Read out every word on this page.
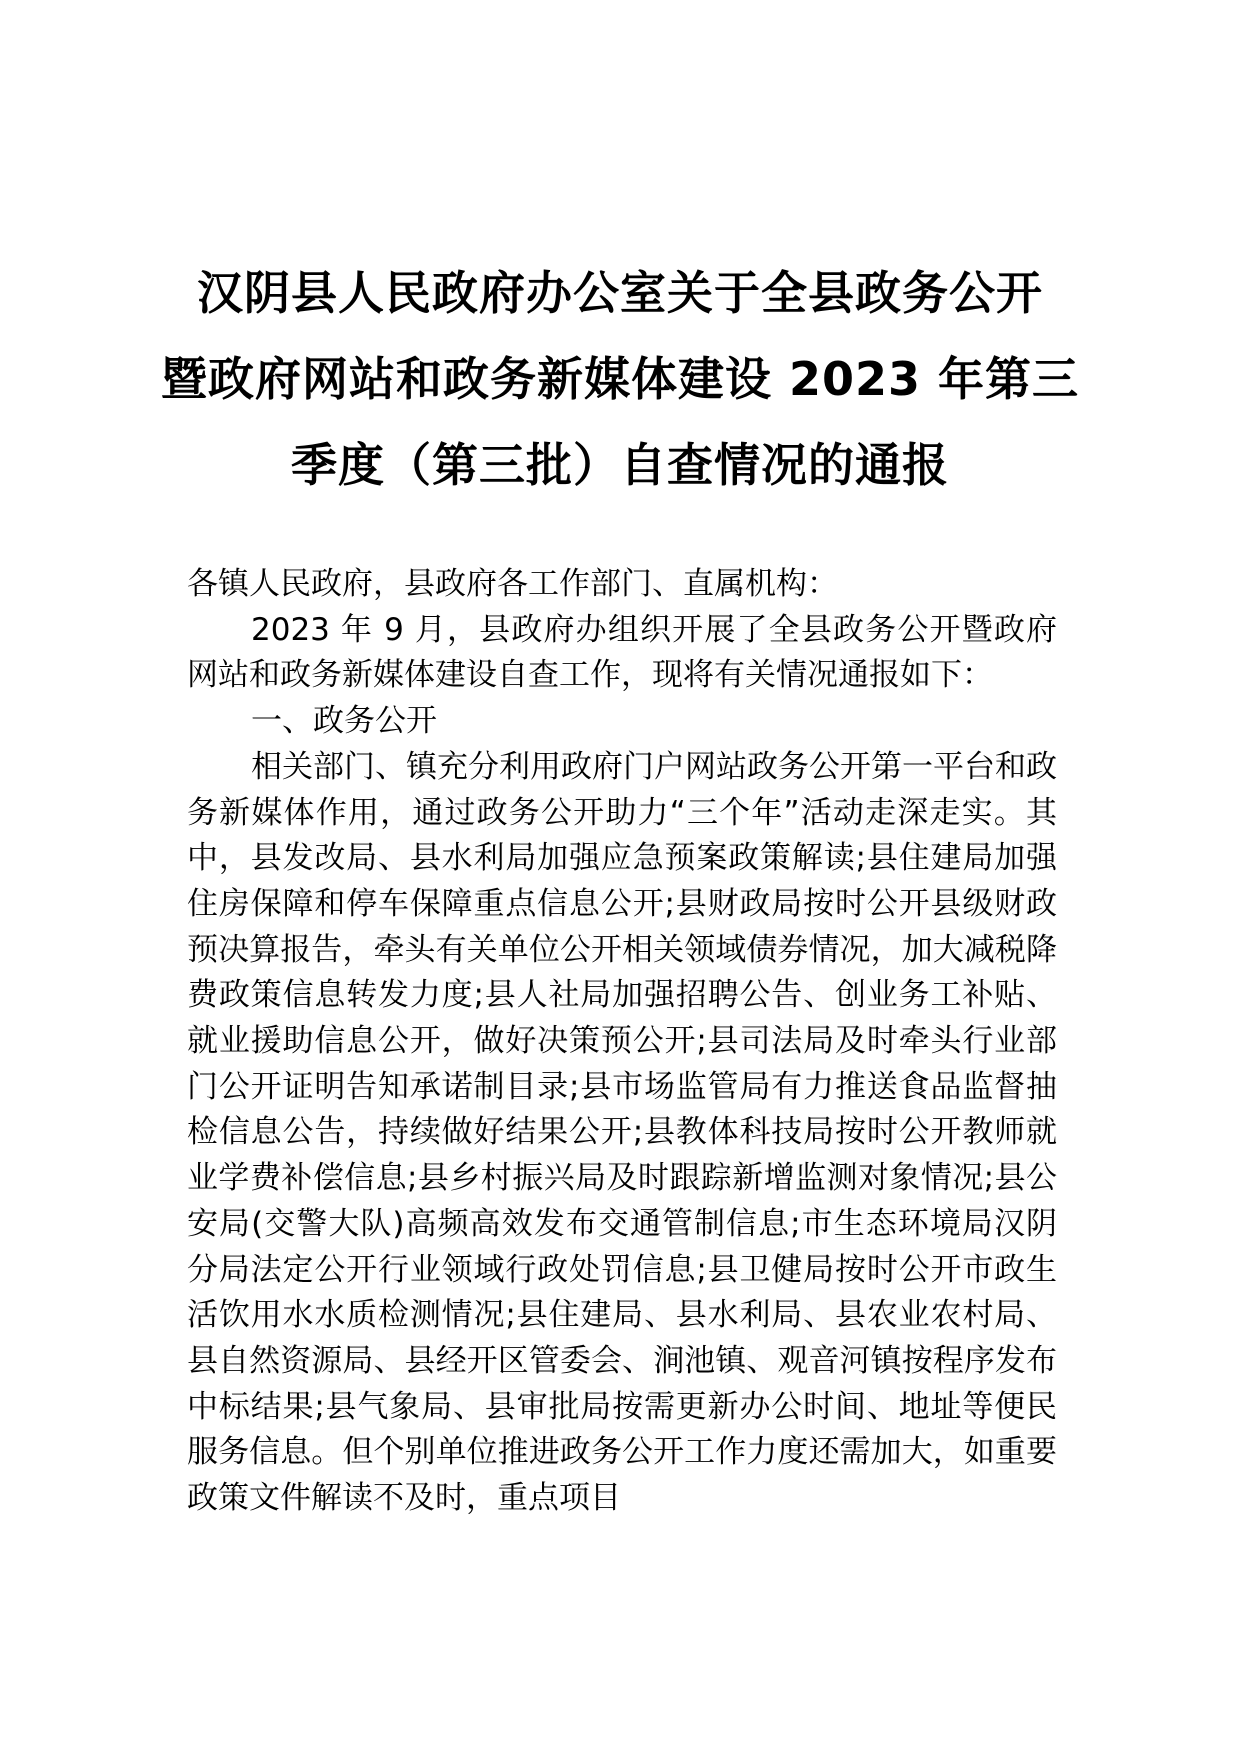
汉阴县人民政府办公室关于全县政务公开
暨政府网站和政务新媒体建设 2023 年第三
季度（第三批）自查情况的通报

各镇人民政府，县政府各工作部门、直属机构：

2023 年 9 月，县政府办组织开展了全县政务公开暨政府网站和政务新媒体建设自查工作，现将有关情况通报如下：

一、政务公开

相关部门、镇充分利用政府门户网站政务公开第一平台和政务新媒体作用，通过政务公开助力“三个年”活动走深走实。其中，县发改局、县水利局加强应急预案政策解读;县住建局加强住房保障和停车保障重点信息公开;县财政局按时公开县级财政预决算报告，牵头有关单位公开相关领域债券情况，加大减税降费政策信息转发力度;县人社局加强招聘公告、创业务工补贴、就业援助信息公开，做好决策预公开;县司法局及时牵头行业部门公开证明告知承诺制目录;县市场监管局有力推送食品监督抽检信息公告，持续做好结果公开;县教体科技局按时公开教师就业学费补偿信息;县乡村振兴局及时跟踪新增监测对象情况;县公安局(交警大队)高频高效发布交通管制信息;市生态环境局汉阴分局法定公开行业领域行政处罚信息;县卫健局按时公开市政生活饮用水水质检测情况;县住建局、县水利局、县农业农村局、县自然资源局、县经开区管委会、涧池镇、观音河镇按程序发布中标结果;县气象局、县审批局按需更新办公时间、地址等便民服务信息。但个别单位推进政务公开工作力度还需加大，如重要政策文件解读不及时，重点项目
